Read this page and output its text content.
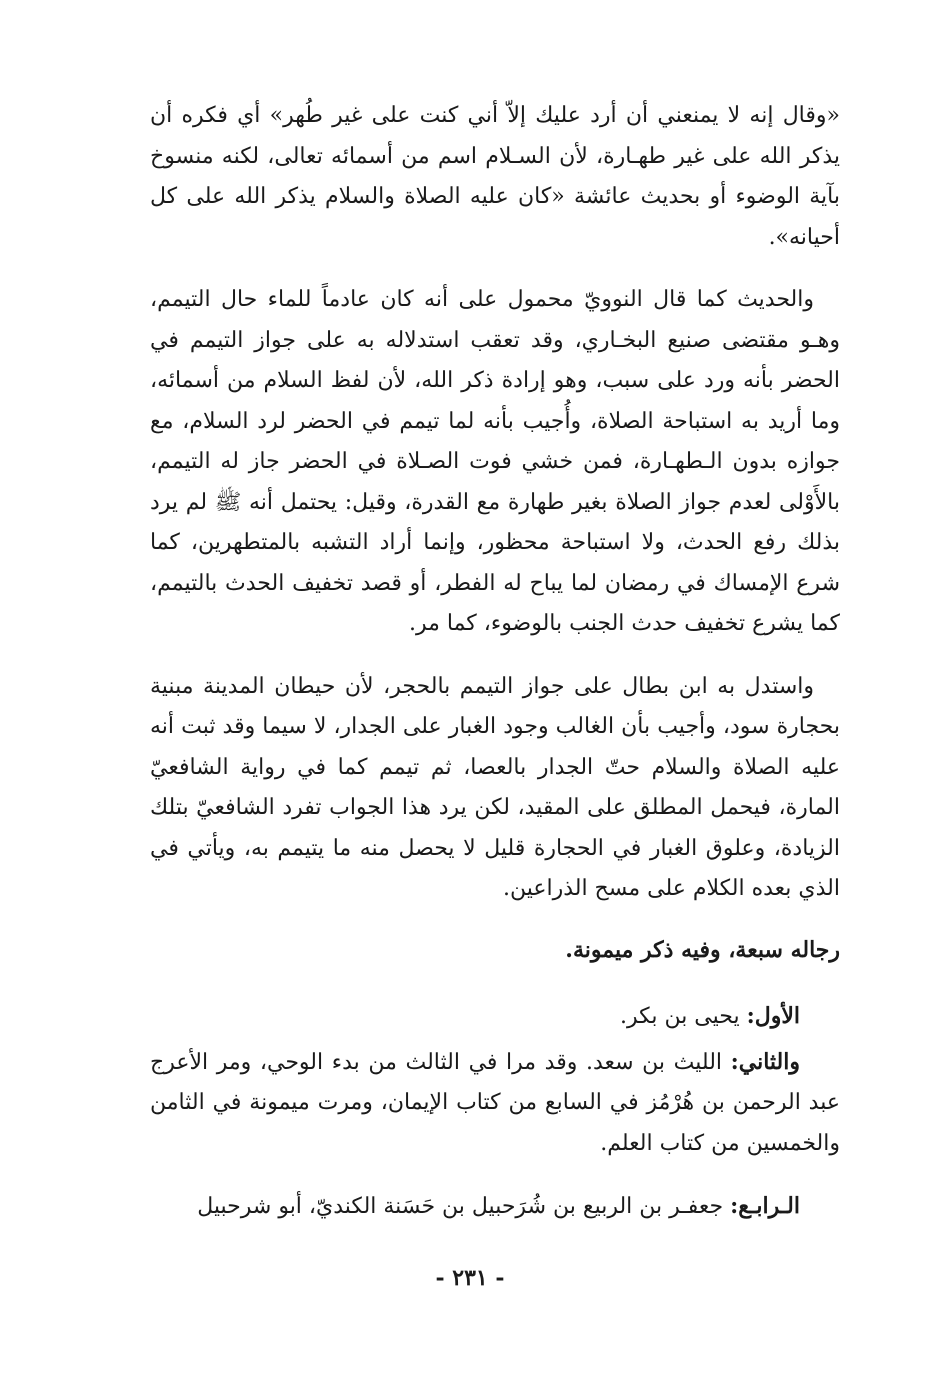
«وقال إنه لا يمنعني أن أرد عليك إلاّ أني كنت على غير طُهر» أي فكره أن يذكر الله على غير طهـارة، لأن السـلام اسم من أسمائه تعالى، لكنه منسوخ بآية الوضوء أو بحديث عائشة «كان عليه الصلاة والسلام يذكر الله على كل أحيانه».

والحديث كما قال النوويّ محمول على أنه كان عادماً للماء حال التيمم، وهـو مقتضى صنيع البخـاري، وقد تعقب استدلاله به على جواز التيمم في الحضر بأنه ورد على سبب، وهو إرادة ذكر الله، لأن لفظ السلام من أسمائه، وما أريد به استباحة الصلاة، وأُجيب بأنه لما تيمم في الحضر لرد السلام، مع جوازه بدون الـطهـارة، فمن خشي فوت الصـلاة في الحضر جاز له التيمم، بالأَوْلى لعدم جواز الصلاة بغير طهارة مع القدرة، وقيل: يحتمل أنه ﷺ لم يرد بذلك رفع الحدث، ولا استباحة محظور، وإنما أراد التشبه بالمتطهرين، كما شرع الإمساك في رمضان لما يباح له الفطر، أو قصد تخفيف الحدث بالتيمم، كما يشرع تخفيف حدث الجنب بالوضوء، كما مر.

واستدل به ابن بطال على جواز التيمم بالحجر، لأن حيطان المدينة مبنية بحجارة سود، وأجيب بأن الغالب وجود الغبار على الجدار، لا سيما وقد ثبت أنه عليه الصلاة والسلام حتّ الجدار بالعصا، ثم تيمم كما في رواية الشافعيّ المارة، فيحمل المطلق على المقيد، لكن يرد هذا الجواب تفرد الشافعيّ بتلك الزيادة، وعلوق الغبار في الحجارة قليل لا يحصل منه ما يتيمم به، ويأتي في الذي بعده الكلام على مسح الذراعين.

رجاله سبعة، وفيه ذكر ميمونة.

الأول: يحيى بن بكر.

والثاني: الليث بن سعد. وقد مرا في الثالث من بدء الوحي، ومر الأعرج عبد الرحمن بن هُرْمُز في السابع من كتاب الإيمان، ومرت ميمونة في الثامن والخمسين من كتاب العلم.

الـرابـع: جعفـر بن الربيع بن شُرَحبيل بن حَسَنة الكنديّ، أبو شرحبيل

- ٢٣١ -
